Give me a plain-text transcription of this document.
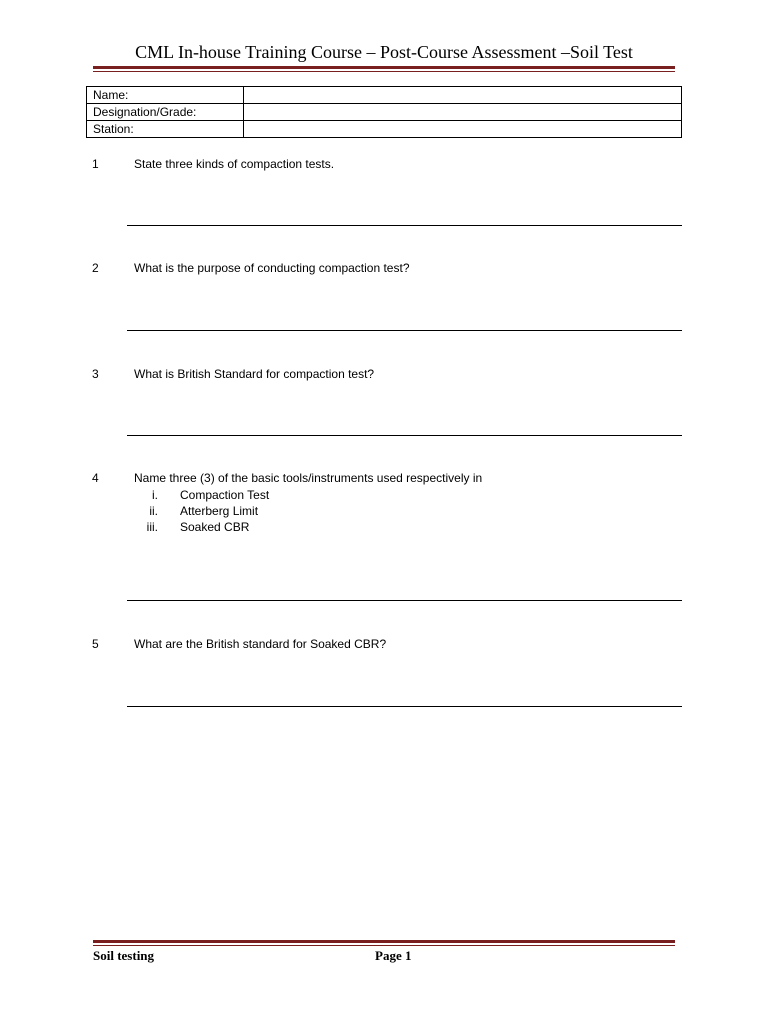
CML In-house Training Course – Post-Course Assessment –Soil Test
Name:	
Designation/Grade:	
Station:	
1	State three kinds of compaction tests.
2	What is the purpose of conducting compaction test?
3	What is British Standard for compaction test?
4	Name three (3) of the basic tools/instruments used respectively in
i. Compaction Test
ii. Atterberg Limit
iii. Soaked CBR
5	What are the British standard for Soaked CBR?
Soil testing	Page 1
